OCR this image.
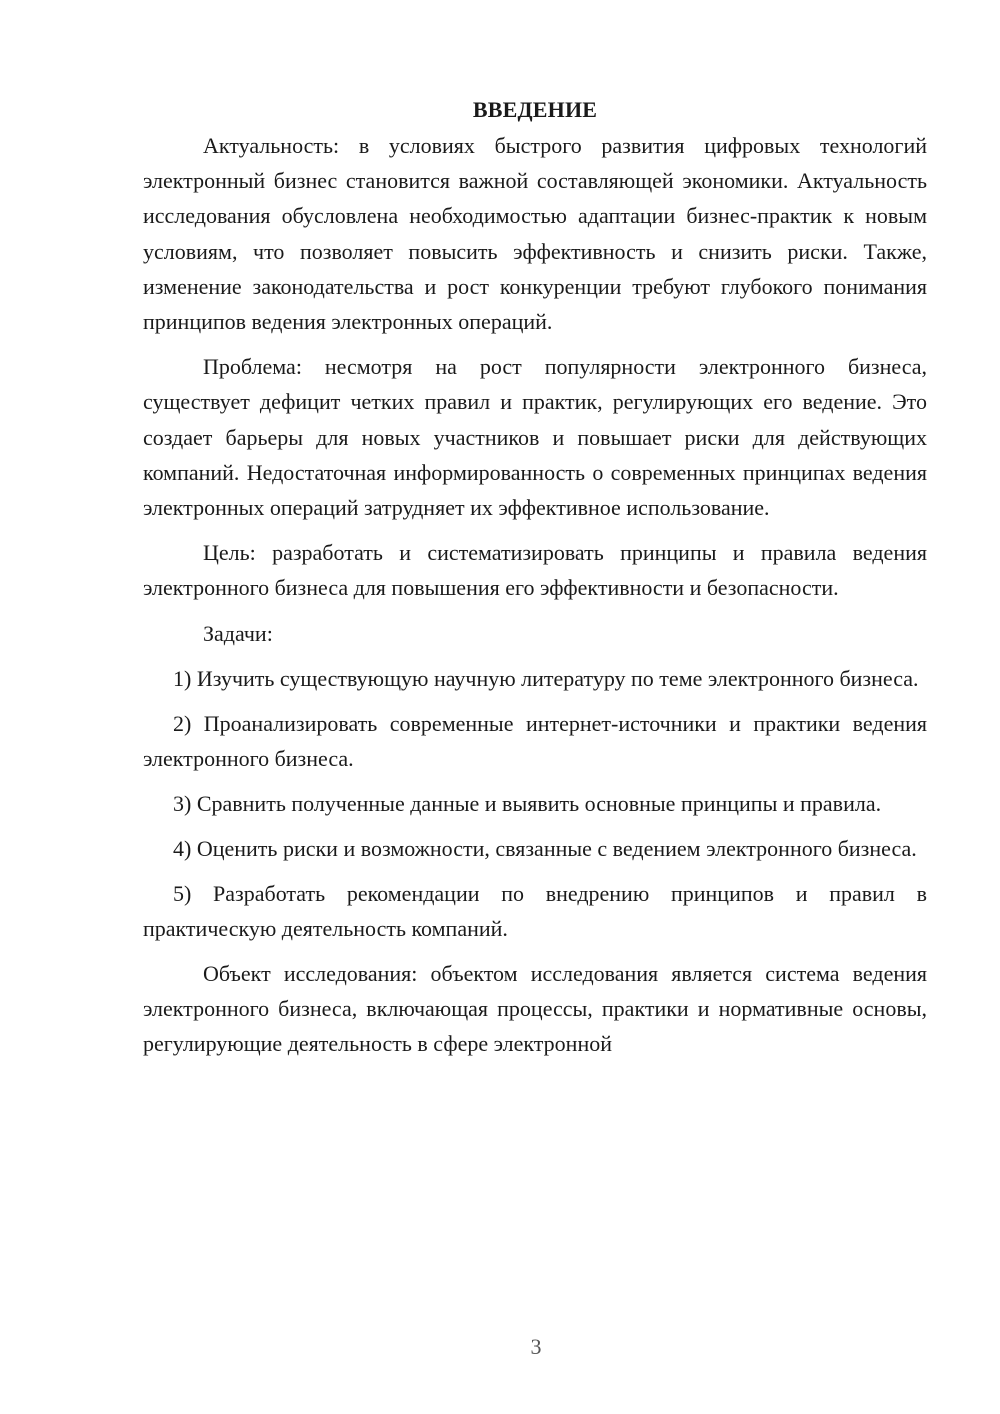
ВВЕДЕНИЕ

Актуальность: в условиях быстрого развития цифровых технологий электронный бизнес становится важной составляющей экономики. Актуальность исследования обусловлена необходимостью адаптации бизнес-практик к новым условиям, что позволяет повысить эффективность и снизить риски. Также, изменение законодательства и рост конкуренции требуют глубокого понимания принципов ведения электронных операций.

Проблема: несмотря на рост популярности электронного бизнеса, существует дефицит четких правил и практик, регулирующих его ведение. Это создает барьеры для новых участников и повышает риски для действующих компаний. Недостаточная информированность о современных принципах ведения электронных операций затрудняет их эффективное использование.

Цель: разработать и систематизировать принципы и правила ведения электронного бизнеса для повышения его эффективности и безопасности.

Задачи:

1) Изучить существующую научную литературу по теме электронного бизнеса.

2) Проанализировать современные интернет-источники и практики ведения электронного бизнеса.

3) Сравнить полученные данные и выявить основные принципы и правила.

4) Оценить риски и возможности, связанные с ведением электронного бизнеса.

5) Разработать рекомендации по внедрению принципов и правил в практическую деятельность компаний.

Объект исследования: объектом исследования является система ведения электронного бизнеса, включающая процессы, практики и нормативные основы, регулирующие деятельность в сфере электронной

3
